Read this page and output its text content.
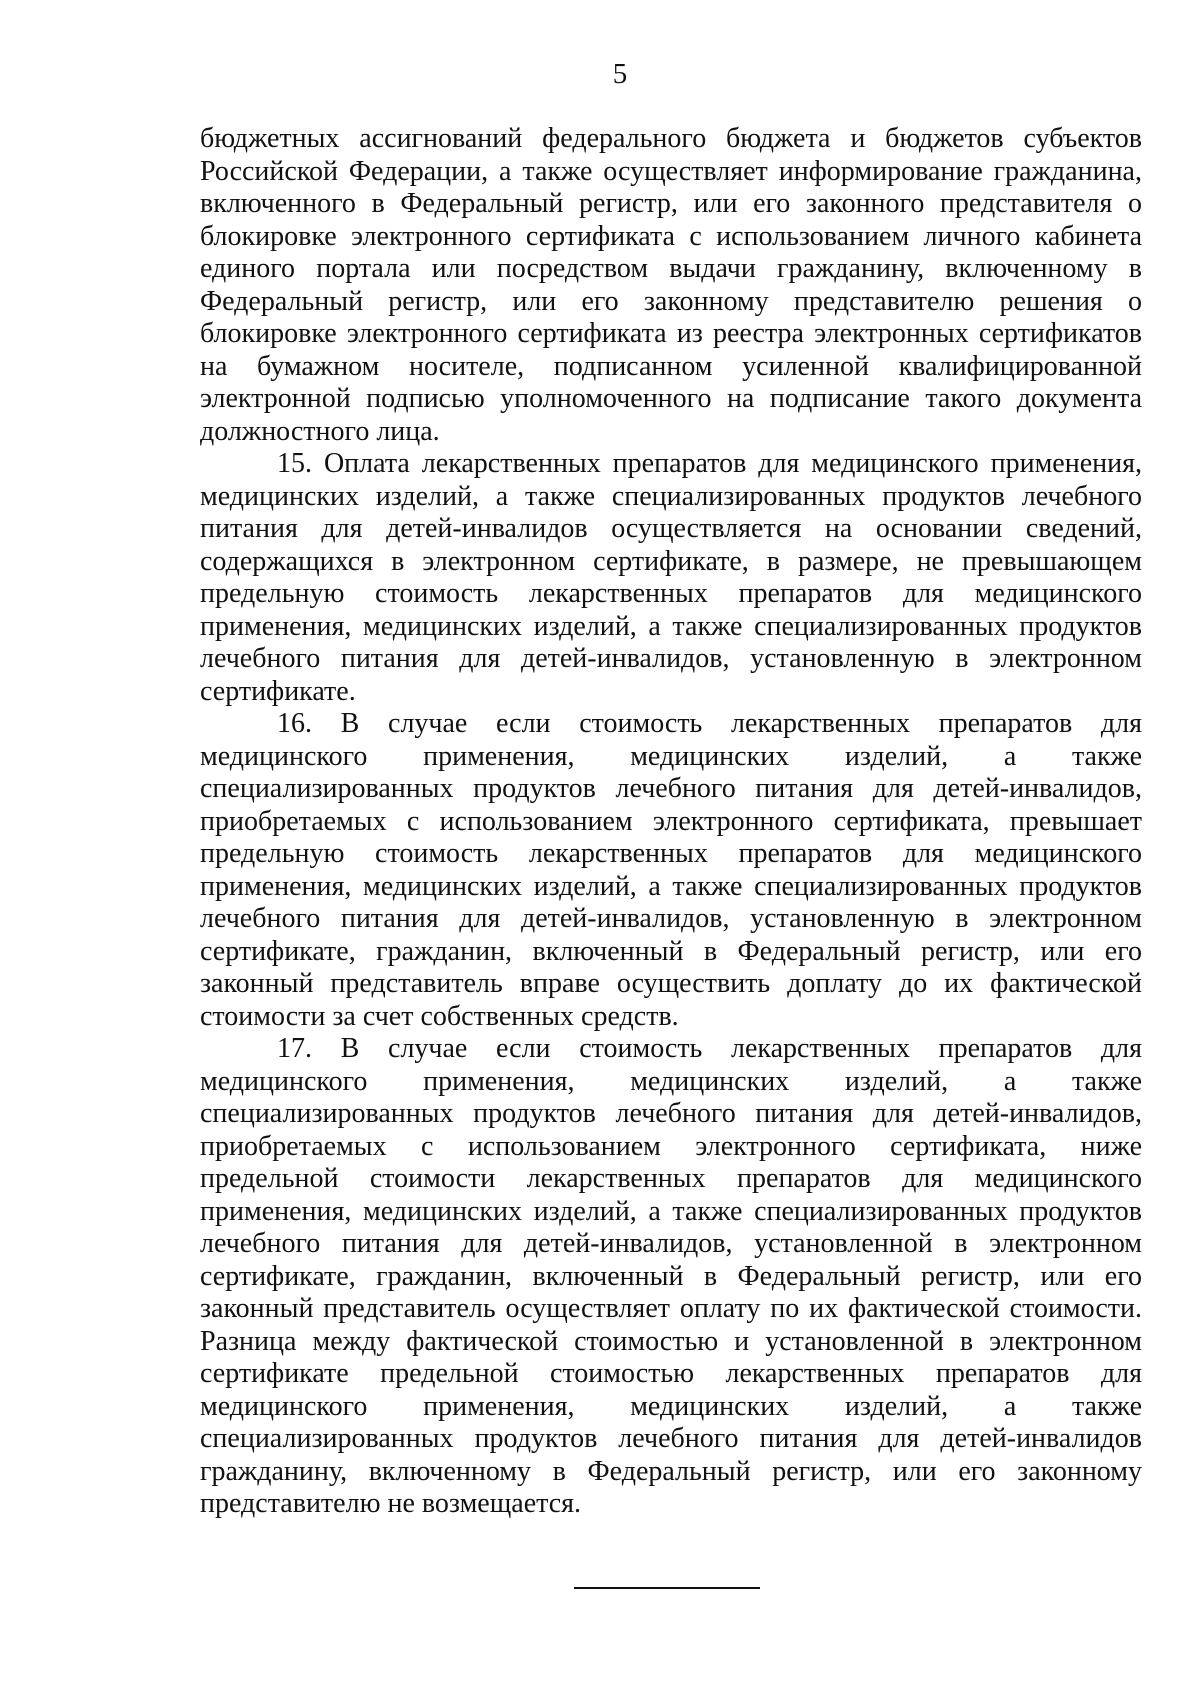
5

бюджетных ассигнований федерального бюджета и бюджетов субъектов Российской Федерации, а также осуществляет информирование гражданина, включенного в Федеральный регистр, или его законного представителя о блокировке электронного сертификата с использованием личного кабинета единого портала или посредством выдачи гражданину, включенному в Федеральный регистр, или его законному представителю решения о блокировке электронного сертификата из реестра электронных сертификатов на бумажном носителе, подписанном усиленной квалифицированной электронной подписью уполномоченного на подписание такого документа должностного лица.

15. Оплата лекарственных препаратов для медицинского применения, медицинских изделий, а также специализированных продуктов лечебного питания для детей-инвалидов осуществляется на основании сведений, содержащихся в электронном сертификате, в размере, не превышающем предельную стоимость лекарственных препаратов для медицинского применения, медицинских изделий, а также специализированных продуктов лечебного питания для детей-инвалидов, установленную в электронном сертификате.

16. В случае если стоимость лекарственных препаратов для медицинского применения, медицинских изделий, а также специализированных продуктов лечебного питания для детей-инвалидов, приобретаемых с использованием электронного сертификата, превышает предельную стоимость лекарственных препаратов для медицинского применения, медицинских изделий, а также специализированных продуктов лечебного питания для детей-инвалидов, установленную в электронном сертификате, гражданин, включенный в Федеральный регистр, или его законный представитель вправе осуществить доплату до их фактической стоимости за счет собственных средств.

17. В случае если стоимость лекарственных препаратов для медицинского применения, медицинских изделий, а также специализированных продуктов лечебного питания для детей-инвалидов, приобретаемых с использованием электронного сертификата, ниже предельной стоимости лекарственных препаратов для медицинского применения, медицинских изделий, а также специализированных продуктов лечебного питания для детей-инвалидов, установленной в электронном сертификате, гражданин, включенный в Федеральный регистр, или его законный представитель осуществляет оплату по их фактической стоимости. Разница между фактической стоимостью и установленной в электронном сертификате предельной стоимостью лекарственных препаратов для медицинского применения, медицинских изделий, а также специализированных продуктов лечебного питания для детей-инвалидов гражданину, включенному в Федеральный регистр, или его законному представителю не возмещается.
